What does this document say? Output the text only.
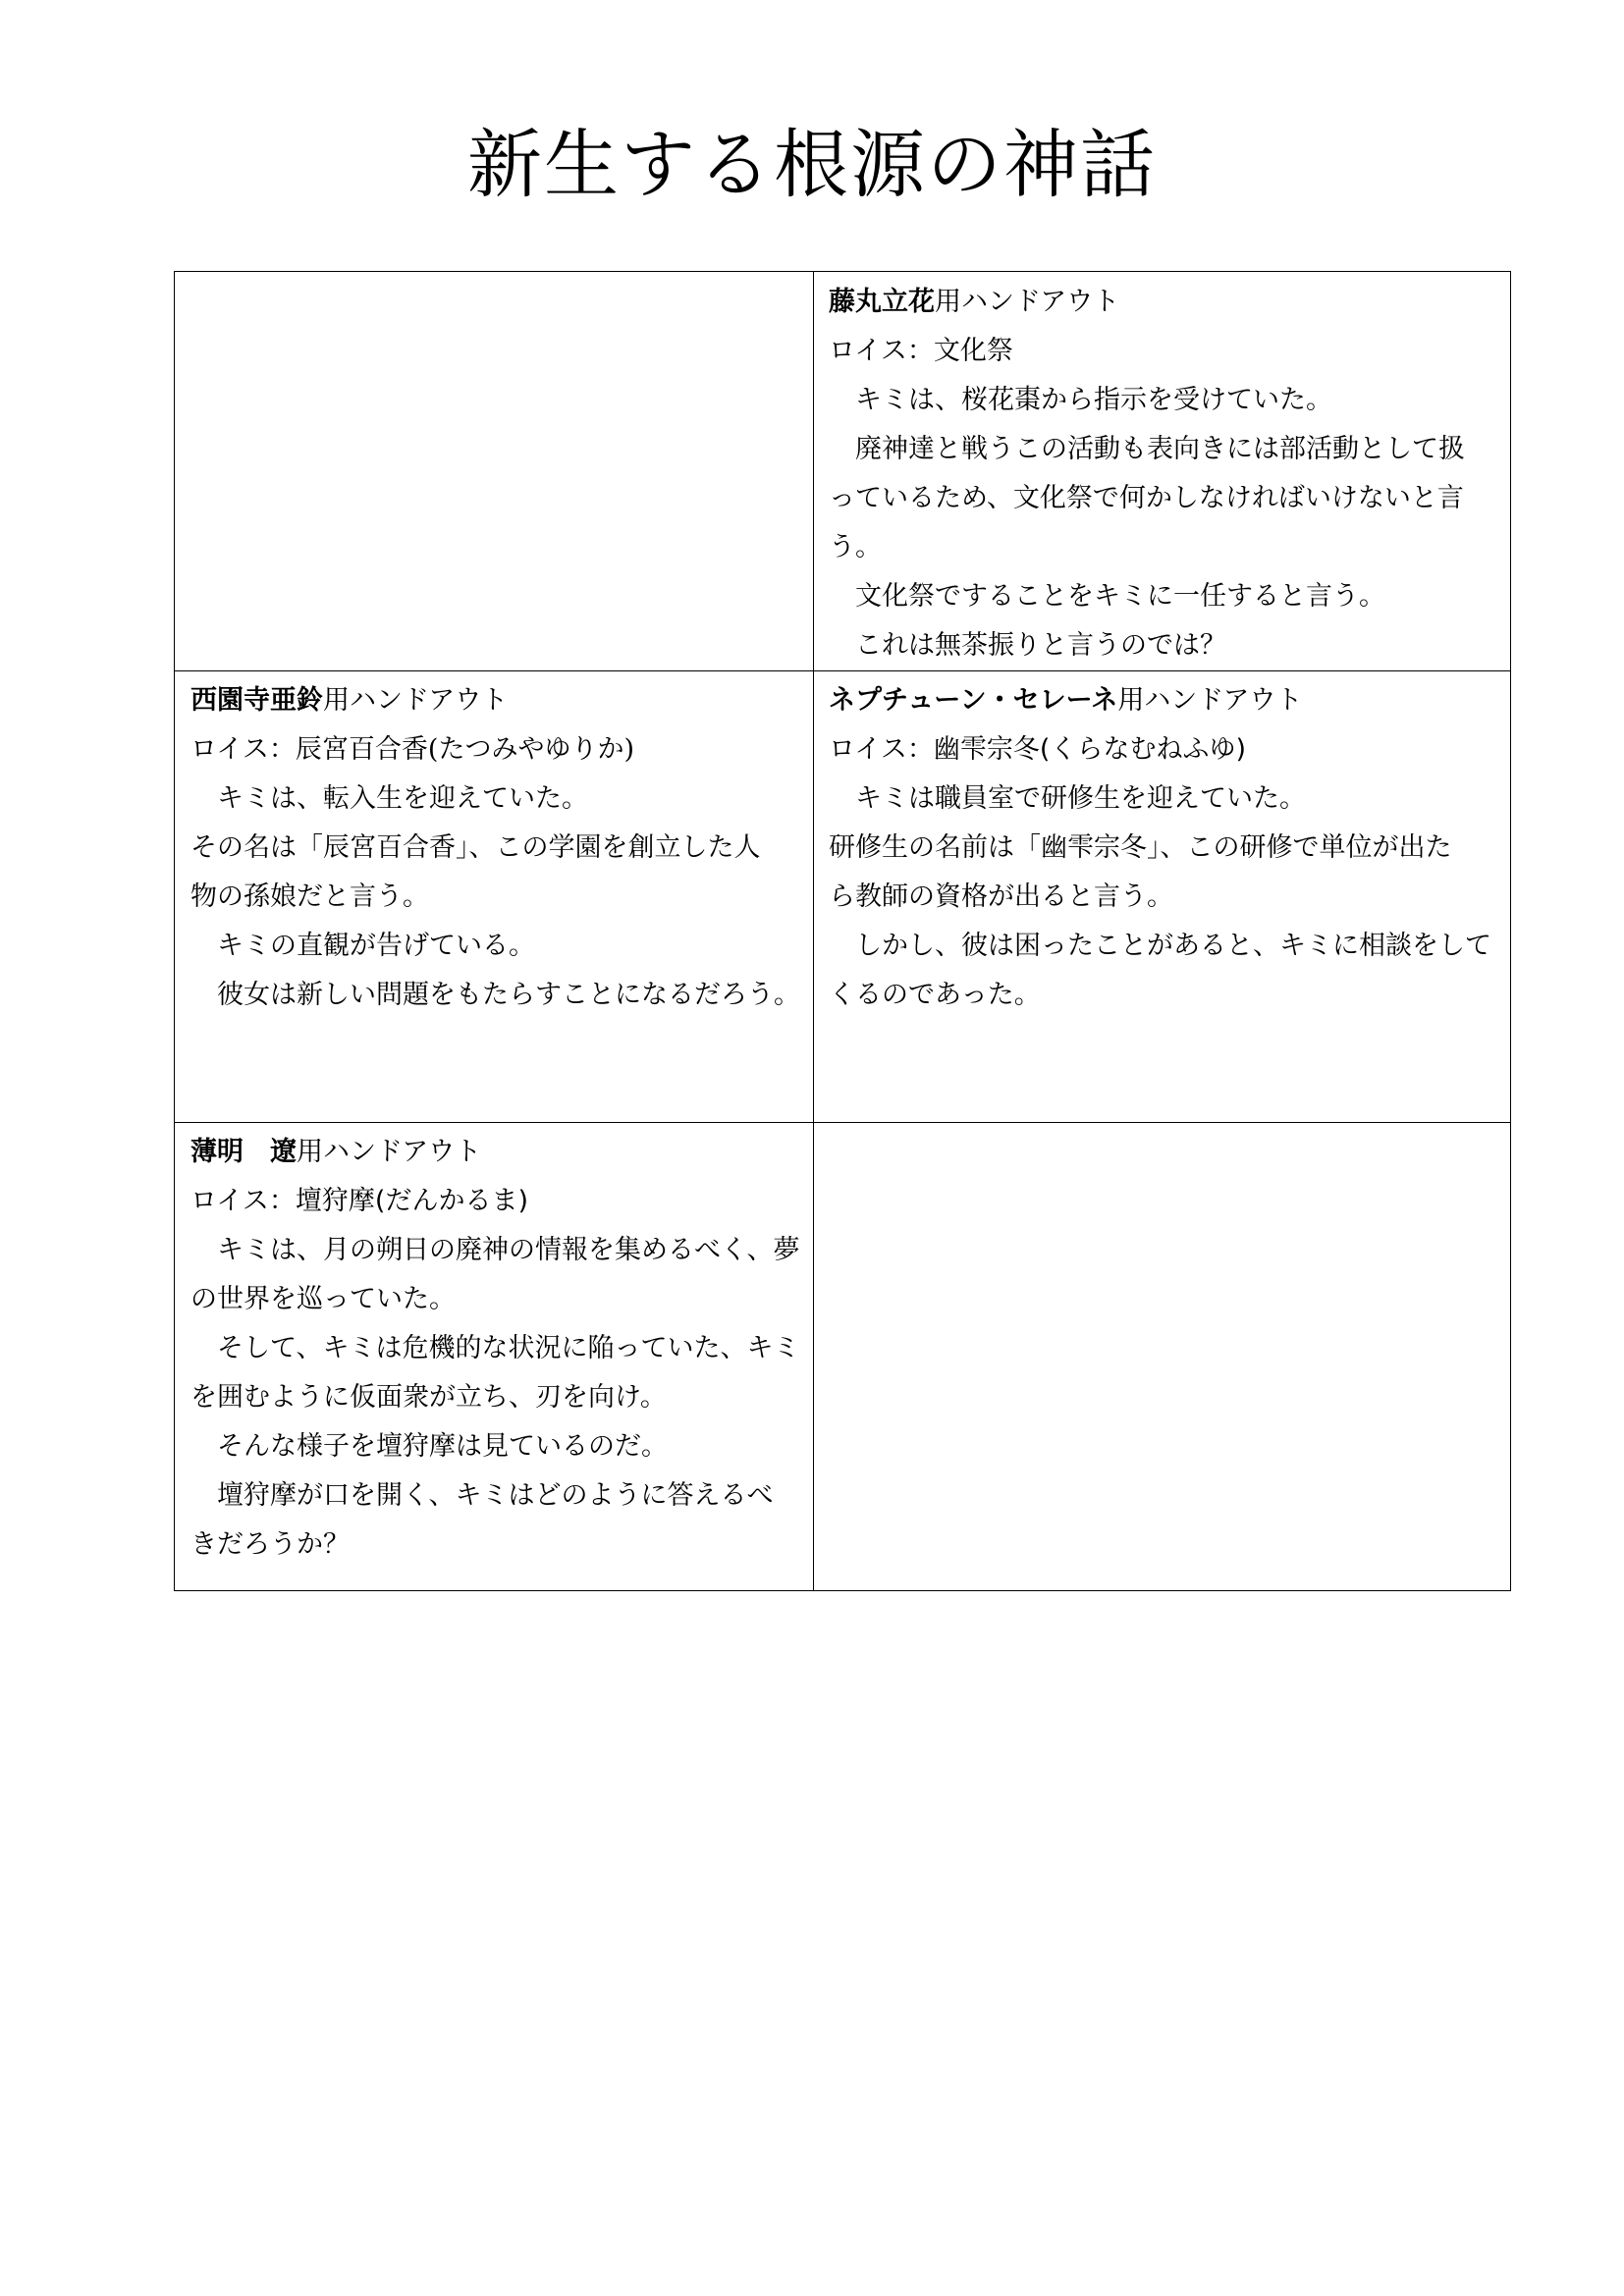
新生する根源の神話
藤丸立花用ハンドアウト
ロイス：文化祭
　キミは、桜花棗から指示を受けていた。
　廃神達と戦うこの活動も表向きには部活動として扱
っているため、文化祭で何かしなければいけないと言
う。
　文化祭ですることをキミに一任すると言う。
　これは無茶振りと言うのでは？
西園寺亜鈴用ハンドアウト
ロイス：辰宮百合香(たつみやゆりか)
　キミは、転入生を迎えていた。
その名は「辰宮百合香」、この学園を創立した人
物の孫娘だと言う。
　キミの直観が告げている。
　彼女は新しい問題をもたらすことになるだろう。
ネプチューン・セレーネ用ハンドアウト
ロイス：幽雫宗冬(くらなむねふゆ)
　キミは職員室で研修生を迎えていた。
研修生の名前は「幽雫宗冬」、この研修で単位が出た
ら教師の資格が出ると言う。
　しかし、彼は困ったことがあると、キミに相談をして
くるのであった。
薄明　遼用ハンドアウト
ロイス：壇狩摩(だんかるま)
　キミは、月の朔日の廃神の情報を集めるべく、夢
の世界を巡っていた。
　そして、キミは危機的な状況に陥っていた、キミ
を囲むように仮面衆が立ち、刃を向け。
　そんな様子を壇狩摩は見ているのだ。
　壇狩摩が口を開く、キミはどのように答えるべ
きだろうか？
